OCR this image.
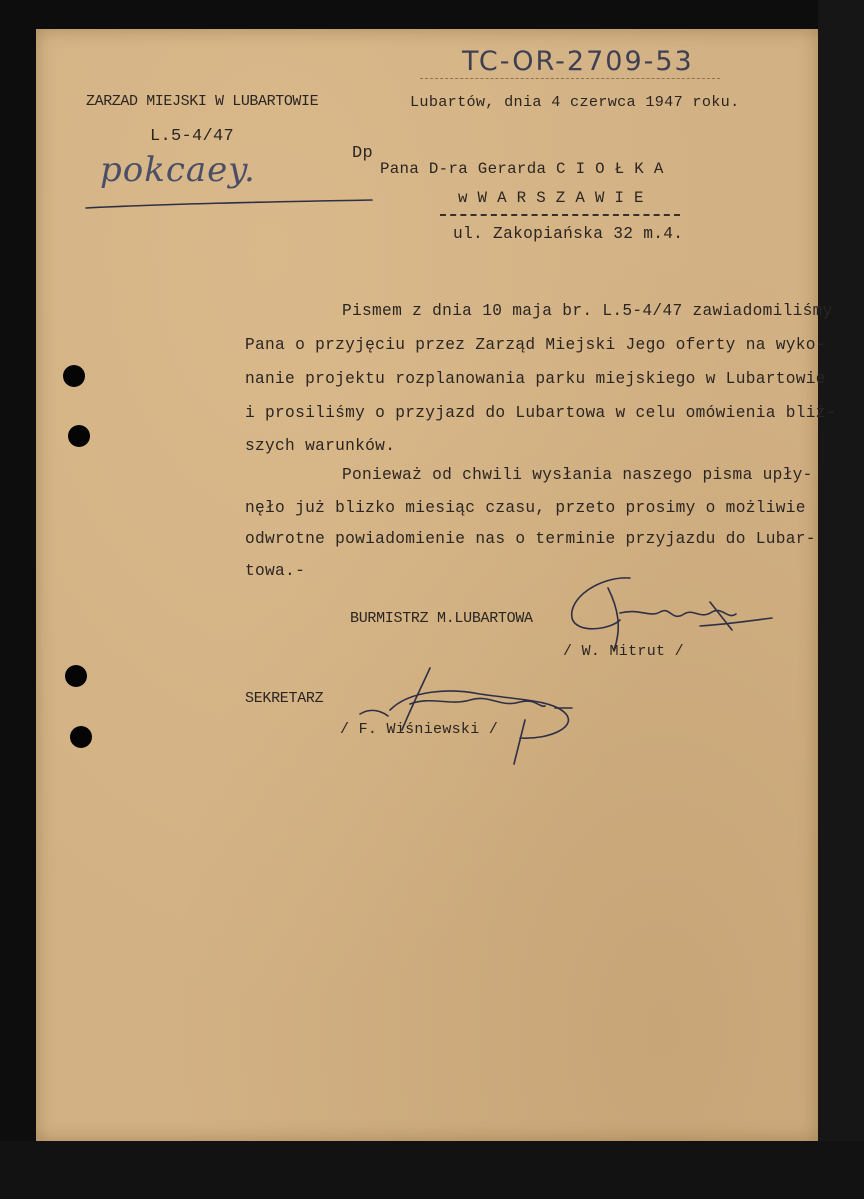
TC-OR-2709-53
ZARZAD MIEJSKI W LUBARTOWIE	Lubartów, dnia 4 czerwca 1947 roku.
L.5-4/47
pokcaey.	Dp
Pana D-ra Gerarda C I O Ł K A
w W A R S Z A W I E
ul. Zakopiańska 32 m.4.
Pismem z dnia 10 maja br. L.5-4/47 zawiadomiliśmy
Pana o przyjęciu przez Zarząd Miejski Jego oferty na wyko-
nanie projektu rozplanowania parku miejskiego w Lubartowie
i prosiliśmy o przyjazd do Lubartowa w celu omówienia bliż-
szych warunków.
Ponieważ od chwili wysłania naszego pisma upły-
nęło już blizko miesiąc czasu, przeto prosimy o możliwie
odwrotne powiadomienie nas o terminie przyjazdu do Lubar-
towa.-
BURMISTRZ M.LUBARTOWA
/ W. Mitrut /
SEKRETARZ
/ F. Wiśniewski /
